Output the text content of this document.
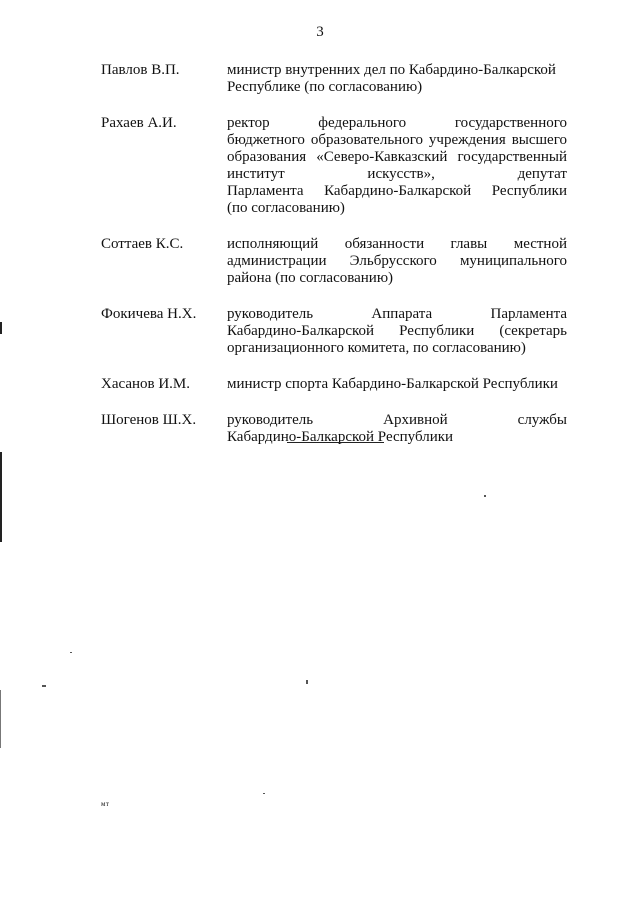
3
Павлов В.П.	министр внутренних дел по Кабардино-Балкарской
Республике (по согласованию)
Рахаев А.И.	ректор федерального государственного
бюджетного образовательного учреждения высшего
образования «Северо-Кавказский государственный
институт искусств», депутат
Парламента Кабардино-Балкарской Республики
(по согласованию)
Соттаев К.С.	исполняющий обязанности главы местной
администрации Эльбрусского муниципального
района (по согласованию)
Фокичева Н.Х.	руководитель Аппарата Парламента
Кабардино-Балкарской Республики (секретарь
организационного комитета, по согласованию)
Хасанов И.М.	министр спорта Кабардино-Балкарской Республики
Шогенов Ш.Х.	руководитель Архивной службы
Кабардино-Балкарской Республики
мт
